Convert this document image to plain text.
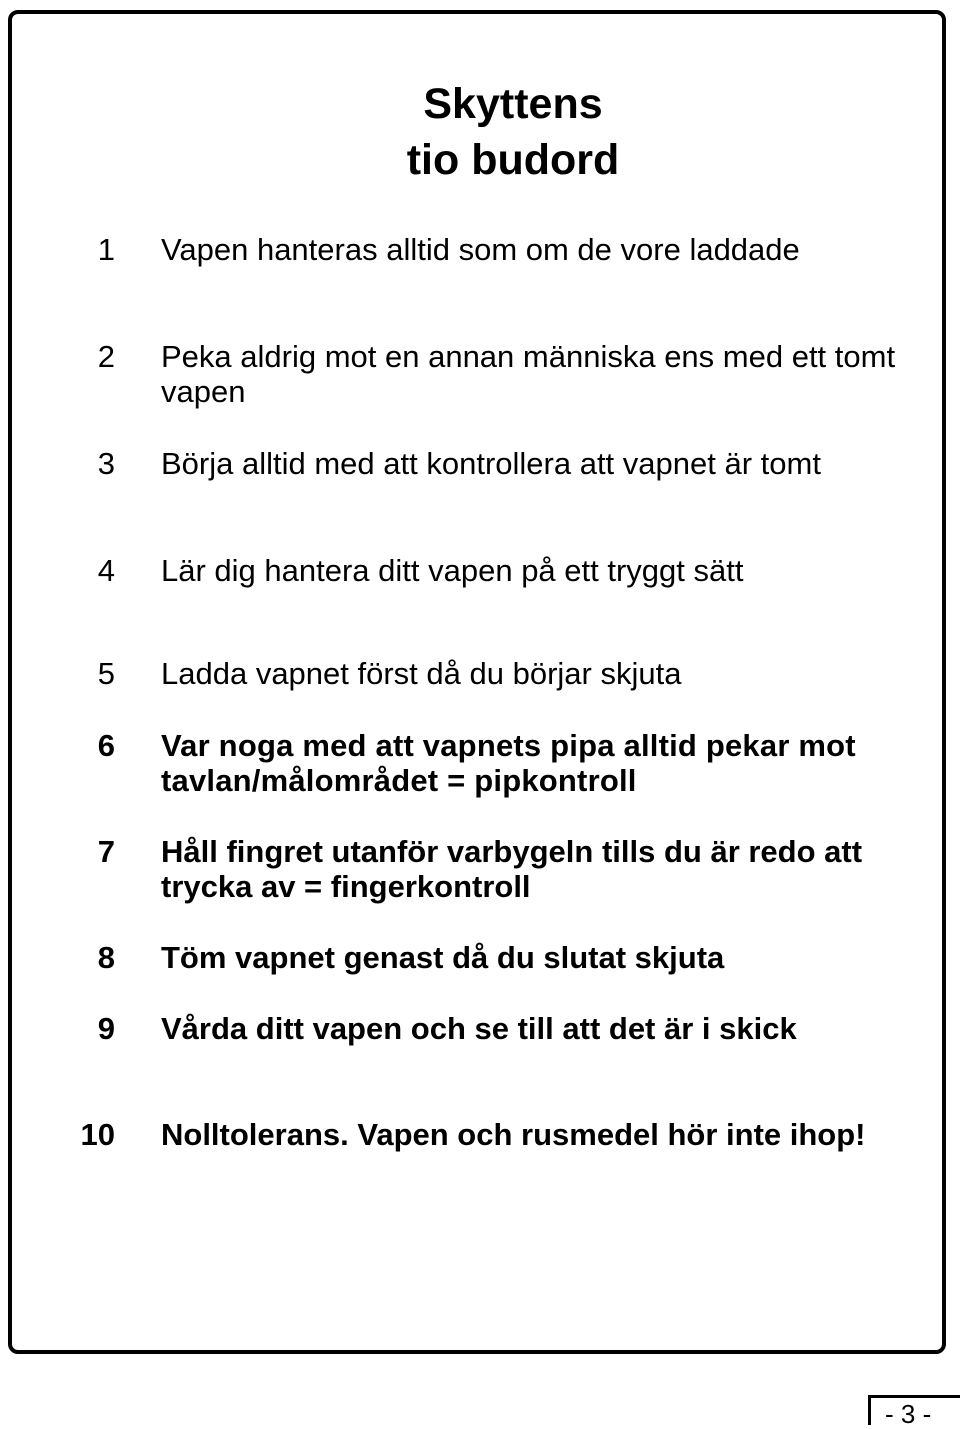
Skyttens
tio budord
1 Vapen hanteras alltid som om de vore laddade
2 Peka aldrig mot en annan människa ens med ett tomt vapen
3 Börja alltid med att kontrollera att vapnet är tomt
4 Lär dig hantera ditt vapen på ett tryggt sätt
5 Ladda vapnet först då du börjar skjuta
6 Var noga med att vapnets pipa alltid pekar mot tavlan/målområdet = pipkontroll
7 Håll fingret utanför varbygeln tills du är redo att trycka av = fingerkontroll
8 Töm vapnet genast då du slutat skjuta
9 Vårda ditt vapen och se till att det är i skick
10 Nolltolerans. Vapen och rusmedel hör inte ihop!
- 3 -
